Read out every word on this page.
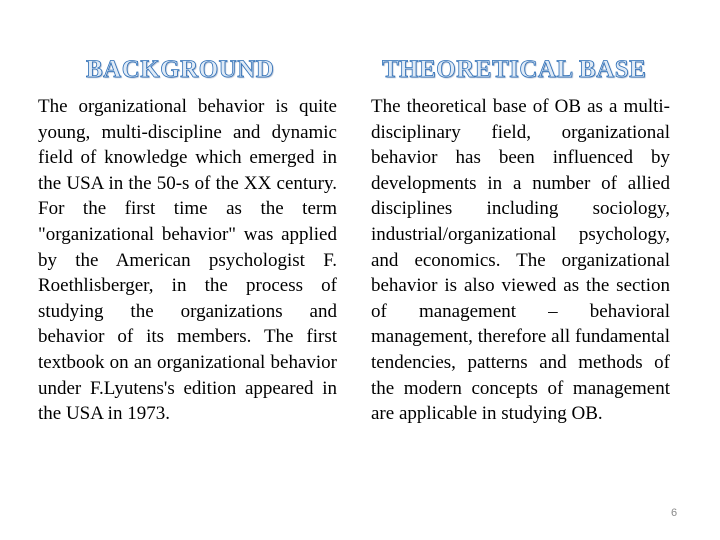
BACKGROUND	THEORETICAL BASE
The organizational behavior is quite young, multi-discipline and dynamic field of knowledge which emerged in the USA in the 50-s of the XX century. For the first time as the term "organizational behavior" was applied by the American psychologist F. Roethlisberger, in the process of studying the organizations and behavior of its members. The first textbook on an organizational behavior under F.Lyutens's edition appeared in the USA in 1973.
The theoretical base of OB as a multi-disciplinary field, organizational behavior has been influenced by developments in a number of allied disciplines including sociology, industrial/organizational psychology, and economics. The organizational behavior is also viewed as the section of management – behavioral management, therefore all fundamental tendencies, patterns and methods of the modern concepts of management are applicable in studying OB.
6
